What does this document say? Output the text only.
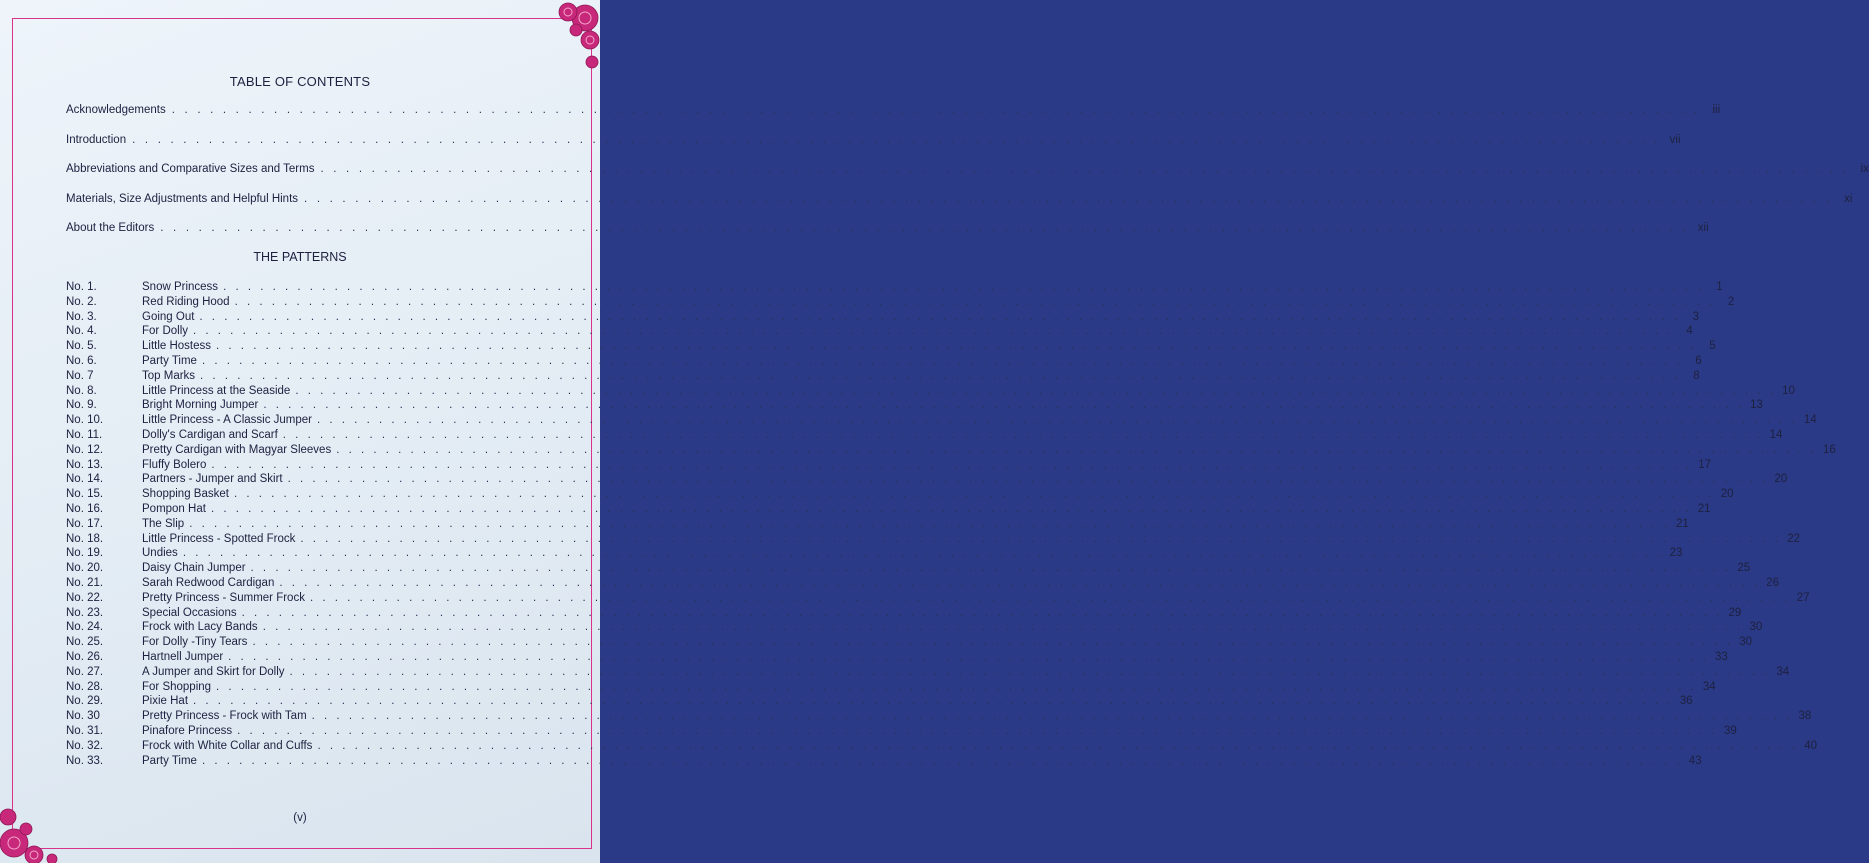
TABLE OF CONTENTS
Acknowledgements . . . . . . . . . . . . . . . . . . . . . . . . . . . . . . . . . . . . . . . . . . . . . . . . . . . . . . . . . . . . . . . . . . . . . . . . . . . . . . . . . . . . . . . . . . . . . . . . . . . . . . . . . . . . . . . . . . . . . . . .	iii
Introduction . . . . . . . . . . . . . . . . . . . . . . . . . . . . . . . . . . . . . . . . . . . . . . . . . . . . . . . . . . . . . . . . . . . . . . . . . . . . . . . . . . . . . . . . . . . . . . . . . . . . . . . . . . . . . . . . . . . . . . . . vii
Abbreviations and Comparative Sizes and Terms . . . . . . . . . . . . . . . . . . . . . . . . . . . . . . . . . . . . . . . . . . . . . . . . . . . . . . . . . . . . . . . . . . . . . . . . . . . . . . . . . . . . . . . . . . . . . . . . . . . . . . . . . . . . . . . . . . . . . . . .	ix
Materials, Size Adjustments and Helpful Hints . . . . . . . . . . . . . . . . . . . . . . . . . . . . . . . . . . . . . . . . . . . . . . . . . . . . . . . . . . . . . . . . . . . . . . . . . . . . . . . . . . . . . . . . . . . . . . . . . . . . . . . . . . . . . . . . . . . . . . . .	xi
About the Editors . . . . . . . . . . . . . . . . . . . . . . . . . . . . . . . . . . . . . . . . . . . . . . . . . . . . . . . . . . . . . . . . . . . . . . . . . . . . . . . . . . . . . . . . . . . . . . . . . . . . . . . . . . . . . . . . . . . . . . . . xii
THE PATTERNS
No. 1.	Snow Princess . . . . . . . . . . . . . . . . . . . . . . . . . . . . . . . . . . . . . . . . . . . . . . . . . . . . . . . . . . . . . . . . . . . . . . . . . . . . . . . . . . . . . . . . . . . . . . . . . . . . . . . . . . . . . . . . . . . . . . . .	1
No. 2.	Red Riding Hood . . . . . . . . . . . . . . . . . . . . . . . . . . . . . . . . . . . . . . . . . . . . . . . . . . . . . . . . . . . . . . . . . . . . . . . . . . . . . . . . . . . . . . . . . . . . . . . . . . . . . . . . . . . . . . . . . . . . . . . .	2
No. 3.	Going Out . . . . . . . . . . . . . . . . . . . . . . . . . . . . . . . . . . . . . . . . . . . . . . . . . . . . . . . . . . . . . . . . . . . . . . . . . . . . . . . . . . . . . . . . . . . . . . . . . . . . . . . . . . . . . . . . . . . . . . . .	3
No. 4.	For Dolly . . . . . . . . . . . . . . . . . . . . . . . . . . . . . . . . . . . . . . . . . . . . . . . . . . . . . . . . . . . . . . . . . . . . . . . . . . . . . . . . . . . . . . . . . . . . . . . . . . . . . . . . . . . . . . . . . . . . . . . .	4
No. 5.	Little Hostess . . . . . . . . . . . . . . . . . . . . . . . . . . . . . . . . . . . . . . . . . . . . . . . . . . . . . . . . . . . . . . . . . . . . . . . . . . . . . . . . . . . . . . . . . . . . . . . . . . . . . . . . . . . . . . . . . . . . . . . .	5
No. 6.	Party Time . . . . . . . . . . . . . . . . . . . . . . . . . . . . . . . . . . . . . . . . . . . . . . . . . . . . . . . . . . . . . . . . . . . . . . . . . . . . . . . . . . . . . . . . . . . . . . . . . . . . . . . . . . . . . . . . . . . . . . . .	6
No. 7	Top Marks . . . . . . . . . . . . . . . . . . . . . . . . . . . . . . . . . . . . . . . . . . . . . . . . . . . . . . . . . . . . . . . . . . . . . . . . . . . . . . . . . . . . . . . . . . . . . . . . . . . . . . . . . . . . . . . . . . . . . . . .	8
No. 8.	Little Princess at the Seaside . . . . . . . . . . . . . . . . . . . . . . . . . . . . . . . . . . . . . . . . . . . . . . . . . . . . . . . . . . . . . . . . . . . . . . . . . . . . . . . . . . . . . . . . . . . . . . . . . . . . . . . . . . . . . . . . . . . . . . . . 10
No. 9.	Bright Morning Jumper . . . . . . . . . . . . . . . . . . . . . . . . . . . . . . . . . . . . . . . . . . . . . . . . . . . . . . . . . . . . . . . . . . . . . . . . . . . . . . . . . . . . . . . . . . . . . . . . . . . . . . . . . . . . . . . . . . . . . . . . 13
No. 10.	Little Princess - A Classic Jumper . . . . . . . . . . . . . . . . . . . . . . . . . . . . . . . . . . . . . . . . . . . . . . . . . . . . . . . . . . . . . . . . . . . . . . . . . . . . . . . . . . . . . . . . . . . . . . . . . . . . . . . . . . . . . . . . . . . . . . . . 14
No. 11.	Dolly's Cardigan and Scarf . . . . . . . . . . . . . . . . . . . . . . . . . . . . . . . . . . . . . . . . . . . . . . . . . . . . . . . . . . . . . . . . . . . . . . . . . . . . . . . . . . . . . . . . . . . . . . . . . . . . . . . . . . . . . . . . . . . . . . . . 14
No. 12.	Pretty Cardigan with Magyar Sleeves . . . . . . . . . . . . . . . . . . . . . . . . . . . . . . . . . . . . . . . . . . . . . . . . . . . . . . . . . . . . . . . . . . . . . . . . . . . . . . . . . . . . . . . . . . . . . . . . . . . . . . . . . . . . . . . . . . . . . . . . 16
No. 13.	Fluffy Bolero . . . . . . . . . . . . . . . . . . . . . . . . . . . . . . . . . . . . . . . . . . . . . . . . . . . . . . . . . . . . . . . . . . . . . . . . . . . . . . . . . . . . . . . . . . . . . . . . . . . . . . . . . . . . . . . . . . . . . . . . 17
No. 14.	Partners - Jumper and Skirt . . . . . . . . . . . . . . . . . . . . . . . . . . . . . . . . . . . . . . . . . . . . . . . . . . . . . . . . . . . . . . . . . . . . . . . . . . . . . . . . . . . . . . . . . . . . . . . . . . . . . . . . . . . . . . . . . . . . . . . . 20
No. 15.	Shopping Basket . . . . . . . . . . . . . . . . . . . . . . . . . . . . . . . . . . . . . . . . . . . . . . . . . . . . . . . . . . . . . . . . . . . . . . . . . . . . . . . . . . . . . . . . . . . . . . . . . . . . . . . . . . . . . . . . . . . . . . . . 20
No. 16.	Pompon Hat . . . . . . . . . . . . . . . . . . . . . . . . . . . . . . . . . . . . . . . . . . . . . . . . . . . . . . . . . . . . . . . . . . . . . . . . . . . . . . . . . . . . . . . . . . . . . . . . . . . . . . . . . . . . . . . . . . . . . . . . 21
No. 17.	The Slip . . . . . . . . . . . . . . . . . . . . . . . . . . . . . . . . . . . . . . . . . . . . . . . . . . . . . . . . . . . . . . . . . . . . . . . . . . . . . . . . . . . . . . . . . . . . . . . . . . . . . . . . . . . . . . . . . . . . . . . . 21
No. 18.	Little Princess - Spotted Frock . . . . . . . . . . . . . . . . . . . . . . . . . . . . . . . . . . . . . . . . . . . . . . . . . . . . . . . . . . . . . . . . . . . . . . . . . . . . . . . . . . . . . . . . . . . . . . . . . . . . . . . . . . . . . . . . . . . . . . . . 22
No. 19.	Undies . . . . . . . . . . . . . . . . . . . . . . . . . . . . . . . . . . . . . . . . . . . . . . . . . . . . . . . . . . . . . . . . . . . . . . . . . . . . . . . . . . . . . . . . . . . . . . . . . . . . . . . . . . . . . . . . . . . . . . . . 23
No. 20.	Daisy Chain Jumper . . . . . . . . . . . . . . . . . . . . . . . . . . . . . . . . . . . . . . . . . . . . . . . . . . . . . . . . . . . . . . . . . . . . . . . . . . . . . . . . . . . . . . . . . . . . . . . . . . . . . . . . . . . . . . . . . . . . . . . . 25
No. 21.	Sarah Redwood Cardigan . . . . . . . . . . . . . . . . . . . . . . . . . . . . . . . . . . . . . . . . . . . . . . . . . . . . . . . . . . . . . . . . . . . . . . . . . . . . . . . . . . . . . . . . . . . . . . . . . . . . . . . . . . . . . . . . . . . . . . . . 26
No. 22.	Pretty Princess - Summer Frock . . . . . . . . . . . . . . . . . . . . . . . . . . . . . . . . . . . . . . . . . . . . . . . . . . . . . . . . . . . . . . . . . . . . . . . . . . . . . . . . . . . . . . . . . . . . . . . . . . . . . . . . . . . . . . . . . . . . . . . . 27
No. 23.	Special Occasions . . . . . . . . . . . . . . . . . . . . . . . . . . . . . . . . . . . . . . . . . . . . . . . . . . . . . . . . . . . . . . . . . . . . . . . . . . . . . . . . . . . . . . . . . . . . . . . . . . . . . . . . . . . . . . . . . . . . . . . . 29
No. 24.	Frock with Lacy Bands . . . . . . . . . . . . . . . . . . . . . . . . . . . . . . . . . . . . . . . . . . . . . . . . . . . . . . . . . . . . . . . . . . . . . . . . . . . . . . . . . . . . . . . . . . . . . . . . . . . . . . . . . . . . . . . . . . . . . . . . 30
No. 25.	For Dolly -Tiny Tears . . . . . . . . . . . . . . . . . . . . . . . . . . . . . . . . . . . . . . . . . . . . . . . . . . . . . . . . . . . . . . . . . . . . . . . . . . . . . . . . . . . . . . . . . . . . . . . . . . . . . . . . . . . . . . . . . . . . . . . . 30
No. 26.	Hartnell Jumper . . . . . . . . . . . . . . . . . . . . . . . . . . . . . . . . . . . . . . . . . . . . . . . . . . . . . . . . . . . . . . . . . . . . . . . . . . . . . . . . . . . . . . . . . . . . . . . . . . . . . . . . . . . . . . . . . . . . . . . . 33
No. 27.	A Jumper and Skirt for Dolly . . . . . . . . . . . . . . . . . . . . . . . . . . . . . . . . . . . . . . . . . . . . . . . . . . . . . . . . . . . . . . . . . . . . . . . . . . . . . . . . . . . . . . . . . . . . . . . . . . . . . . . . . . . . . . . . . . . . . . . . 34
No. 28.	For Shopping . . . . . . . . . . . . . . . . . . . . . . . . . . . . . . . . . . . . . . . . . . . . . . . . . . . . . . . . . . . . . . . . . . . . . . . . . . . . . . . . . . . . . . . . . . . . . . . . . . . . . . . . . . . . . . . . . . . . . . . . 34
No. 29.	Pixie Hat . . . . . . . . . . . . . . . . . . . . . . . . . . . . . . . . . . . . . . . . . . . . . . . . . . . . . . . . . . . . . . . . . . . . . . . . . . . . . . . . . . . . . . . . . . . . . . . . . . . . . . . . . . . . . . . . . . . . . . . . 36
No. 30	Pretty Princess - Frock with Tam . . . . . . . . . . . . . . . . . . . . . . . . . . . . . . . . . . . . . . . . . . . . . . . . . . . . . . . . . . . . . . . . . . . . . . . . . . . . . . . . . . . . . . . . . . . . . . . . . . . . . . . . . . . . . . . . . . . . . . . . 38
No. 31.	Pinafore Princess . . . . . . . . . . . . . . . . . . . . . . . . . . . . . . . . . . . . . . . . . . . . . . . . . . . . . . . . . . . . . . . . . . . . . . . . . . . . . . . . . . . . . . . . . . . . . . . . . . . . . . . . . . . . . . . . . . . . . . . . 39
No. 32.	Frock with White Collar and Cuffs . . . . . . . . . . . . . . . . . . . . . . . . . . . . . . . . . . . . . . . . . . . . . . . . . . . . . . . . . . . . . . . . . . . . . . . . . . . . . . . . . . . . . . . . . . . . . . . . . . . . . . . . . . . . . . . . . . . . . . . . 40
No. 33.	Party Time . . . . . . . . . . . . . . . . . . . . . . . . . . . . . . . . . . . . . . . . . . . . . . . . . . . . . . . . . . . . . . . . . . . . . . . . . . . . . . . . . . . . . . . . . . . . . . . . . . . . . . . . . . . . . . . . . . . . . . . . 43
(v)
